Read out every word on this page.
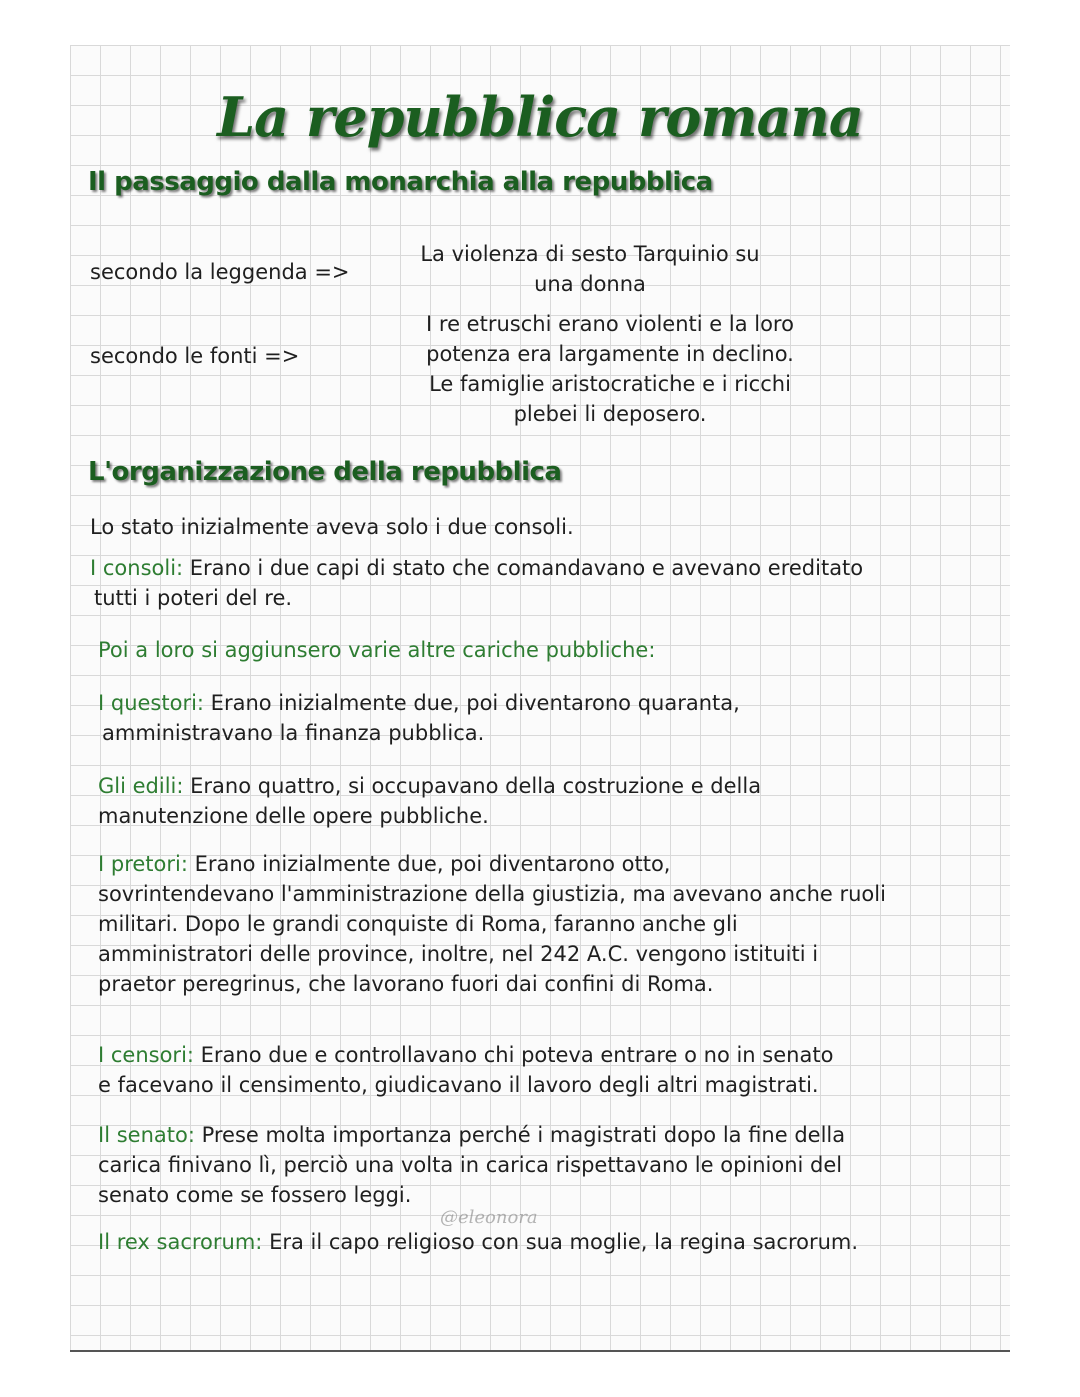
La repubblica romana
Il passaggio dalla monarchia alla repubblica
secondo la leggenda =>
La violenza di sesto Tarquinio su
una donna
secondo le fonti =>
I re etruschi erano violenti e la loro
potenza era largamente in declino.
Le famiglie aristocratiche e i ricchi
plebei li deposero.
L'organizzazione della repubblica
Lo stato inizialmente aveva solo i due consoli.
I consoli: Erano i due capi di stato che comandavano e avevano ereditato
tutti i poteri del re.
Poi a loro si aggiunsero varie altre cariche pubbliche:
I questori: Erano inizialmente due, poi diventarono quaranta,
amministravano la finanza pubblica.
Gli edili: Erano quattro, si occupavano della costruzione e della
manutenzione delle opere pubbliche.
I pretori: Erano inizialmente due, poi diventarono otto,
sovrintendevano l'amministrazione della giustizia, ma avevano anche ruoli
militari. Dopo le grandi conquiste di Roma, faranno anche gli
amministratori delle province, inoltre, nel 242 A.C. vengono istituiti i
praetor peregrinus, che lavorano fuori dai confini di Roma.
I censori: Erano due e controllavano chi poteva entrare o no in senato
e facevano il censimento, giudicavano il lavoro degli altri magistrati.
Il senato: Prese molta importanza perché i magistrati dopo la fine della
carica finivano lì, perciò una volta in carica rispettavano le opinioni del
senato come se fossero leggi.
@eleonora
Il rex sacrorum: Era il capo religioso con sua moglie, la regina sacrorum.
